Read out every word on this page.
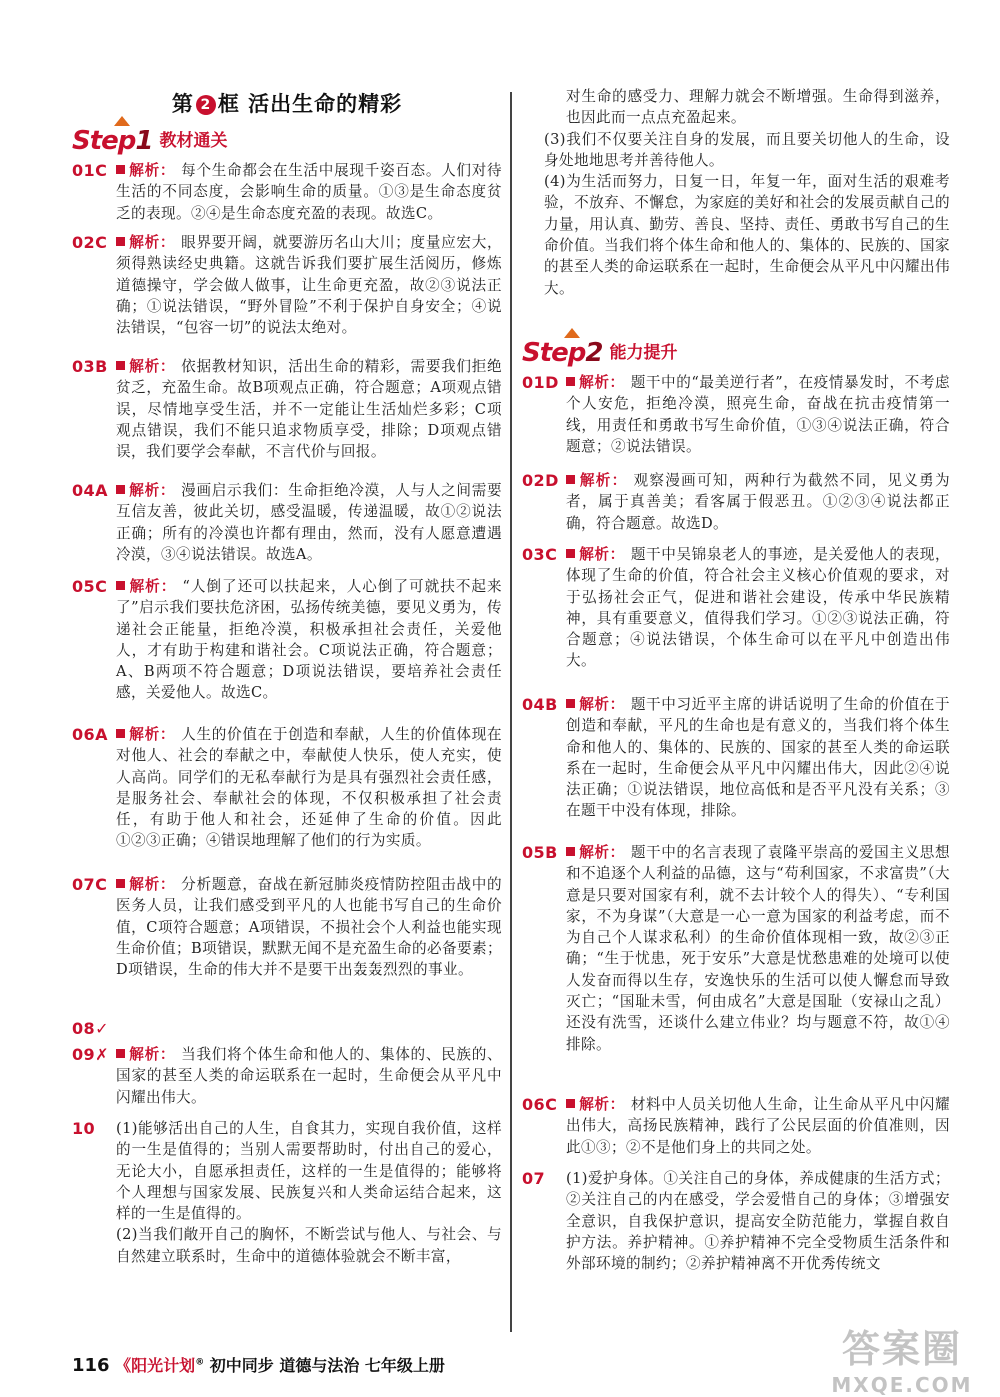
第 2 框 活出生命的精彩
Step1 教材通关
01C	解析： 每个生命都会在生活中展现千姿百态。人们对待生活的不同态度，会影响生命的质量。①③是生命态度贫乏的表现。②④是生命态度充盈的表现。故选C。
02C	解析： 眼界要开阔，就要游历名山大川；度量应宏大，须得熟读经史典籍。这就告诉我们要扩展生活阅历，修炼道德操守，学会做人做事，让生命更充盈，故②③说法正确；①说法错误，“野外冒险”不利于保护自身安全；④说法错误，“包容一切”的说法太绝对。
03B	解析： 依据教材知识，活出生命的精彩，需要我们拒绝贫乏，充盈生命。故B项观点正确，符合题意；A项观点错误，尽情地享受生活，并不一定能让生活灿烂多彩；C项观点错误，我们不能只追求物质享受，排除；D项观点错误，我们要学会奉献，不言代价与回报。
04A	解析： 漫画启示我们：生命拒绝冷漠，人与人之间需要互信友善，彼此关切，感受温暖，传递温暖，故①②说法正确；所有的冷漠也许都有理由，然而，没有人愿意遭遇冷漠，③④说法错误。故选A。
05C	解析： “人倒了还可以扶起来，人心倒了可就扶不起来了”启示我们要扶危济困，弘扬传统美德，要见义勇为，传递社会正能量，拒绝冷漠，积极承担社会责任，关爱他人，才有助于构建和谐社会。C项说法正确，符合题意；A、B两项不符合题意；D项说法错误，要培养社会责任感，关爱他人。故选C。
06A	解析： 人生的价值在于创造和奉献，人生的价值体现在对他人、社会的奉献之中，奉献使人快乐，使人充实，使人高尚。同学们的无私奉献行为是具有强烈社会责任感，是服务社会、奉献社会的体现，不仅积极承担了社会责任，有助于他人和社会，还延伸了生命的价值。因此①②③正确；④错误地理解了他们的行为实质。
07C	解析： 分析题意，奋战在新冠肺炎疫情防控阻击战中的医务人员，让我们感受到平凡的人也能书写自己的生命价值，C项符合题意；A项错误，不损社会个人利益也能实现生命价值；B项错误，默默无闻不是充盈生命的必备要素；D项错误，生命的伟大并不是要干出轰轰烈烈的事业。
08✓
09✗	解析： 当我们将个体生命和他人的、集体的、民族的、国家的甚至人类的命运联系在一起时，生命便会从平凡中闪耀出伟大。
10 (1)能够活出自己的人生，自食其力，实现自我价值，这样的一生是值得的；当别人需要帮助时，付出自己的爱心，无论大小，自愿承担责任，这样的一生是值得的；能够将个人理想与国家发展、民族复兴和人类命运结合起来，这样的一生是值得的。

(2)当我们敞开自己的胸怀，不断尝试与他人、与社会、与自然建立联系时，生命中的道德体验就会不断丰富，

对生命的感受力、理解力就会不断增强。生命得到滋养，也因此而一点点充盈起来。

(3)我们不仅要关注自身的发展，而且要关切他人的生命，设身处地地思考并善待他人。

(4)为生活而努力，日复一日，年复一年，面对生活的艰难考验，不放弃、不懈怠，为家庭的美好和社会的发展贡献自己的力量，用认真、勤劳、善良、坚持、责任、勇敢书写自己的生命价值。当我们将个体生命和他人的、集体的、民族的、国家的甚至人类的命运联系在一起时，生命便会从平凡中闪耀出伟大。

Step2 能力提升
01D	解析： 题干中的“最美逆行者”，在疫情暴发时，不考虑个人安危，拒绝冷漠，照亮生命，奋战在抗击疫情第一线，用责任和勇敢书写生命价值，①③④说法正确，符合题意；②说法错误。
02D	解析： 观察漫画可知，两种行为截然不同，见义勇为者，属于真善美；看客属于假恶丑。①②③④说法都正确，符合题意。故选D。
03C	解析： 题干中吴锦泉老人的事迹，是关爱他人的表现，体现了生命的价值，符合社会主义核心价值观的要求，对于弘扬社会正气，促进和谐社会建设，传承中华民族精神，具有重要意义，值得我们学习。①②③说法正确，符合题意；④说法错误，个体生命可以在平凡中创造出伟大。
04B	解析： 题干中习近平主席的讲话说明了生命的价值在于创造和奉献，平凡的生命也是有意义的，当我们将个体生命和他人的、集体的、民族的、国家的甚至人类的命运联系在一起时，生命便会从平凡中闪耀出伟大，因此②④说法正确；①说法错误，地位高低和是否平凡没有关系；③在题干中没有体现，排除。
05B	解析： 题干中的名言表现了袁隆平崇高的爱国主义思想和不追逐个人利益的品德，这与“苟利国家，不求富贵”（大意是只要对国家有利，就不去计较个人的得失）、“专利国家，不为身谋”（大意是一心一意为国家的利益考虑，而不为自己个人谋求私利）的生命价值体现相一致，故②③正确；“生于忧患，死于安乐”大意是忧愁患难的处境可以使人发奋而得以生存，安逸快乐的生活可以使人懈怠而导致灭亡；“国耻未雪，何由成名”大意是国耻（安禄山之乱）还没有洗雪，还谈什么建立伟业？均与题意不符，故①④排除。
06C	解析： 材料中人员关切他人生命，让生命从平凡中闪耀出伟大，高扬民族精神，践行了公民层面的价值准则，因此①③；②不是他们身上的共同之处。
07 (1)爱护身体。①关注自己的身体，养成健康的生活方式；②关注自己的内在感受，学会爱惜自己的身体；③增强安全意识，自我保护意识，提高安全防范能力，掌握自救自护方法。养护精神。①养护精神不完全受物质生活条件和外部环境的制约；②养护精神离不开优秀传统文
116 《阳光计划® 初中同步 道德与法治 七年级上册	答案圈
MXQE.COM
